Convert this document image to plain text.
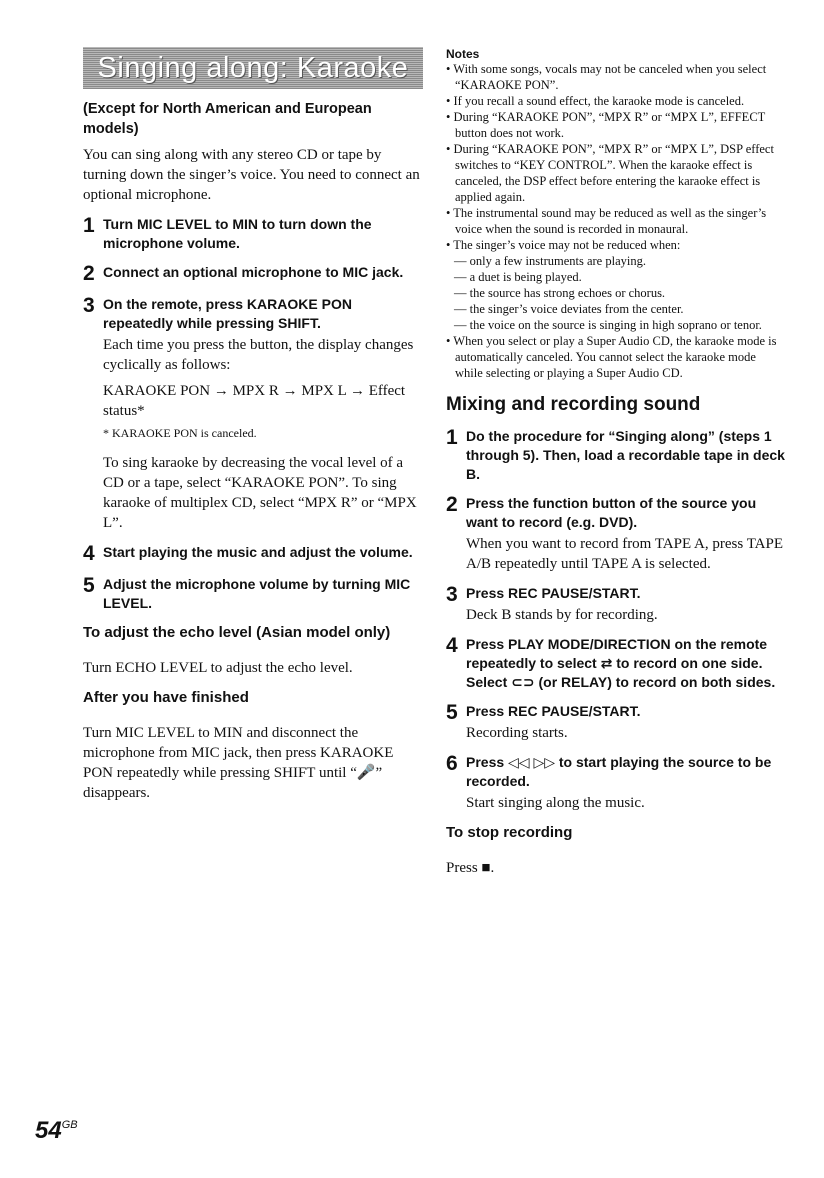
Singing along: Karaoke

(Except for North American and European models)

You can sing along with any stereo CD or tape by turning down the singer’s voice. You need to connect an optional microphone.

1 Turn MIC LEVEL to MIN to turn down the microphone volume.

2 Connect an optional microphone to MIC jack.

3 On the remote, press KARAOKE PON repeatedly while pressing SHIFT.

Each time you press the button, the display changes cyclically as follows:

KARAOKE PON → MPX R → MPX L → Effect status*

* KARAOKE PON is canceled.

To sing karaoke by decreasing the vocal level of a CD or a tape, select “KARAOKE PON”. To sing karaoke of multiplex CD, select “MPX R” or “MPX L”.

4 Start playing the music and adjust the volume.

5 Adjust the microphone volume by turning MIC LEVEL.

To adjust the echo level (Asian model only)

Turn ECHO LEVEL to adjust the echo level.

After you have finished

Turn MIC LEVEL to MIN and disconnect the microphone from MIC jack, then press KARAOKE PON repeatedly while pressing SHIFT until “🎤” disappears.

Notes

• With some songs, vocals may not be canceled when you select “KARAOKE PON”.

• If you recall a sound effect, the karaoke mode is canceled.

• During “KARAOKE PON”, “MPX R” or “MPX L”, EFFECT button does not work.

• During “KARAOKE PON”, “MPX R” or “MPX L”, DSP effect switches to “KEY CONTROL”. When the karaoke effect is canceled, the DSP effect before entering the karaoke effect is applied again.

• The instrumental sound may be reduced as well as the singer’s voice when the sound is recorded in monaural.

• The singer’s voice may not be reduced when:

— only a few instruments are playing.

— a duet is being played.

— the source has strong echoes or chorus.

— the singer’s voice deviates from the center.

— the voice on the source is singing in high soprano or tenor.

• When you select or play a Super Audio CD, the karaoke mode is automatically canceled. You cannot select the karaoke mode while selecting or playing a Super Audio CD.

Mixing and recording sound
1 Do the procedure for “Singing along” (steps 1 through 5). Then, load a recordable tape in deck B.

2 Press the function button of the source you want to record (e.g. DVD).

When you want to record from TAPE A, press TAPE A/B repeatedly until TAPE A is selected.

3 Press REC PAUSE/START.

Deck B stands by for recording.

4 Press PLAY MODE/DIRECTION on the remote repeatedly to select ⇄ to record on one side. Select ⊂⊃ (or RELAY) to record on both sides.

5 Press REC PAUSE/START.

Recording starts.

6 Press ◁◁ ▷▷ to start playing the source to be recorded.

Start singing along the music.

To stop recording

Press ■.

$54^{GB}$
